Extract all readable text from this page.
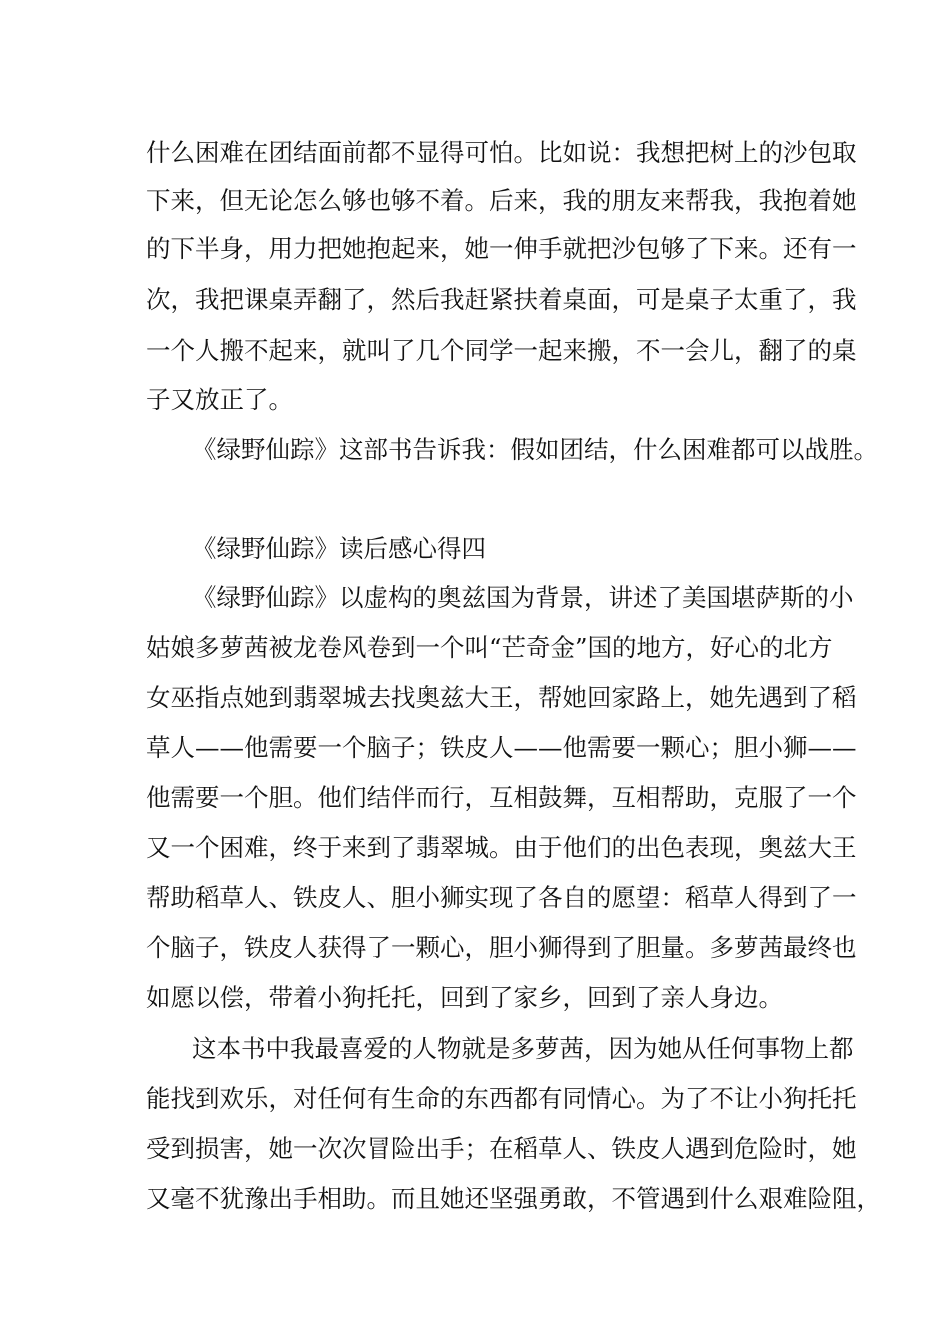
什么困难在团结面前都不显得可怕。比如说：我想把树上的沙包取
下来，但无论怎么够也够不着。后来，我的朋友来帮我，我抱着她
的下半身，用力把她抱起来，她一伸手就把沙包够了下来。还有一
次，我把课桌弄翻了，然后我赶紧扶着桌面，可是桌子太重了，我
一个人搬不起来，就叫了几个同学一起来搬，不一会儿，翻了的桌
子又放正了。
《绿野仙踪》这部书告诉我：假如团结，什么困难都可以战胜。
《绿野仙踪》读后感心得四
《绿野仙踪》以虚构的奥兹国为背景，讲述了美国堪萨斯的小
姑娘多萝茜被龙卷风卷到一个叫“芒奇金”国的地方，好心的北方
女巫指点她到翡翠城去找奥兹大王，帮她回家路上，她先遇到了稻
草人——他需要一个脑子；铁皮人——他需要一颗心；胆小狮——
他需要一个胆。他们结伴而行，互相鼓舞，互相帮助，克服了一个
又一个困难，终于来到了翡翠城。由于他们的出色表现，奥兹大王
帮助稻草人、铁皮人、胆小狮实现了各自的愿望：稻草人得到了一
个脑子，铁皮人获得了一颗心，胆小狮得到了胆量。多萝茜最终也
如愿以偿，带着小狗托托，回到了家乡，回到了亲人身边。
这本书中我最喜爱的人物就是多萝茜，因为她从任何事物上都
能找到欢乐，对任何有生命的东西都有同情心。为了不让小狗托托
受到损害，她一次次冒险出手；在稻草人、铁皮人遇到危险时，她
又毫不犹豫出手相助。而且她还坚强勇敢，不管遇到什么艰难险阻，
